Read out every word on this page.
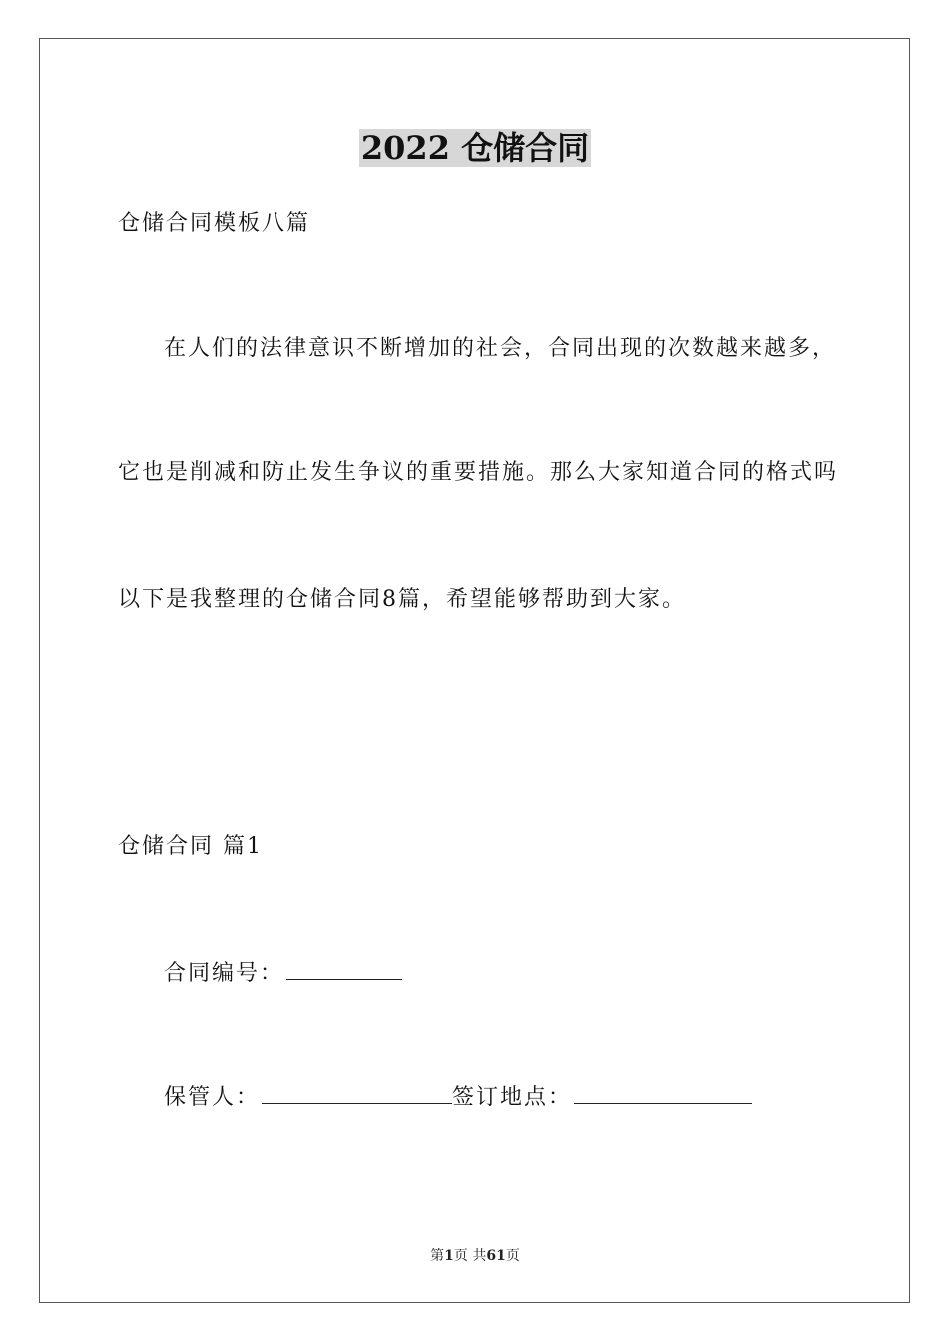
2022 仓储合同
仓储合同模板八篇
在人们的法律意识不断增加的社会，合同出现的次数越来越多，
它也是削减和防止发生争议的重要措施。那么大家知道合同的格式吗
以下是我整理的仓储合同8篇，希望能够帮助到大家。
仓储合同 篇1
合同编号：
保管人：	签订地点：
第1页 共61页
